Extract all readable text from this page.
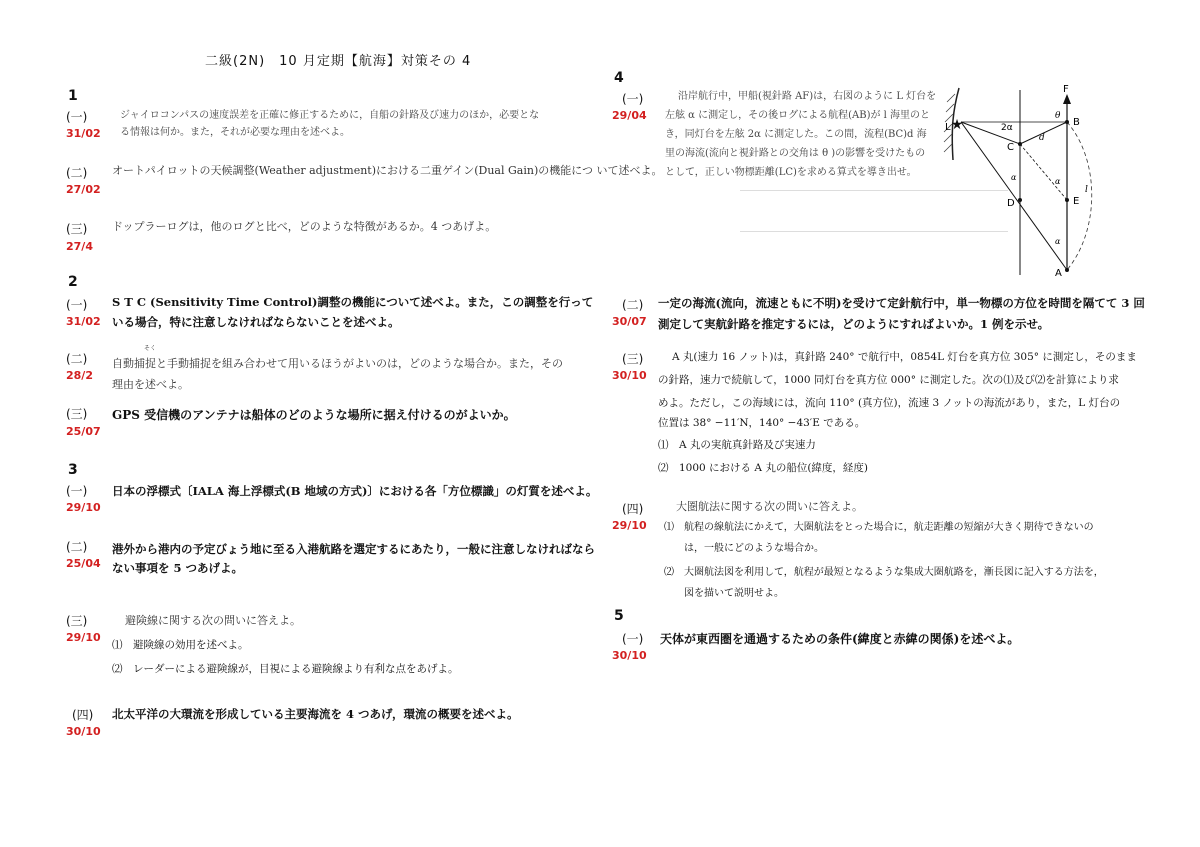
二級(2N)　10 月定期【航海】対策その 4
1
(一)
31/02
ジャイロコンパスの速度誤差を正確に修正するために，自船の針路及び速力のほか，必要とな
る情報は何か。また，それが必要な理由を述べよ。
(二)
27/02
オートパイロットの天候調整(Weather adjustment)における二重ゲイン(Dual Gain)の機能につ いて述べよ。
(三)
27/4
ドップラーログは，他のログと比べ，どのような特徴があるか。4 つあげよ。
2
(一)
31/02
S T C (Sensitivity Time Control)調整の機能について述べよ。また，この調整を行って
いる場合，特に注意しなければならないことを述べよ。
(二)
28/2
そく
自動捕捉と手動捕捉を組み合わせて用いるほうがよいのは，どのような場合か。また，その
理由を述べよ。
(三)
25/07
GPS 受信機のアンテナは船体のどのような場所に据え付けるのがよいか。
3
(一)
29/10
日本の浮標式〔IALA 海上浮標式(B 地域の方式)〕における各「方位標識」の灯質を述べよ。
(二)
25/04
港外から港内の予定びょう地に至る入港航路を選定するにあたり，一般に注意しなければなら
ない事項を 5 つあげよ。
(三)
29/10
避険線に関する次の問いに答えよ。
⑴　避険線の効用を述べよ。
⑵　レーダーによる避険線が，目視による避険線より有利な点をあげよ。
(四)
30/10
北太平洋の大環流を形成している主要海流を 4 つあげ，環流の概要を述べよ。
4
(一)
29/04
沿岸航行中，甲船(視針路 AF)は，右図のように L 灯台を
左舷 α に測定し，その後ログによる航程(AB)が l 海里のと
き，同灯台を左舷 2α に測定した。この間，流程(BC)d 海
里の海流(流向と視針路との交角は θ )の影響を受けたもの
として，正しい物標距離(LC)を求める算式を導き出せ。
★
F
B
C
D	E
A
L
θ
2α
d
l
α	α
α
(二)
30/07
一定の海流(流向，流速ともに不明)を受けて定針航行中，単一物標の方位を時間を隔てて 3 回
測定して実航針路を推定するには，どのようにすればよいか。1 例を示せ。
(三)
30/10
A 丸(速力 16 ノット)は，真針路 240° で航行中，0854L 灯台を真方位 305° に測定し，そのまま
の針路，速力で続航して，1000 同灯台を真方位 000° に測定した。次の⑴及び⑵を計算により求
めよ。ただし，この海域には，流向 110° (真方位)，流速 3 ノットの海流があり，また，L 灯台の
位置は 38° −11′N，140° −43′E である。
⑴　A 丸の実航真針路及び実速力
⑵　1000 における A 丸の船位(緯度，経度)
(四)
29/10
大圏航法に関する次の問いに答えよ。
⑴　航程の線航法にかえて，大圏航法をとった場合に，航走距離の短縮が大きく期待できないの
　　は，一般にどのような場合か。
⑵　大圏航法図を利用して，航程が最短となるような集成大圏航路を，漸長図に記入する方法を，
　　図を描いて説明せよ。
5
(一)
30/10
天体が東西圏を通過するための条件(緯度と赤緯の関係)を述べよ。
